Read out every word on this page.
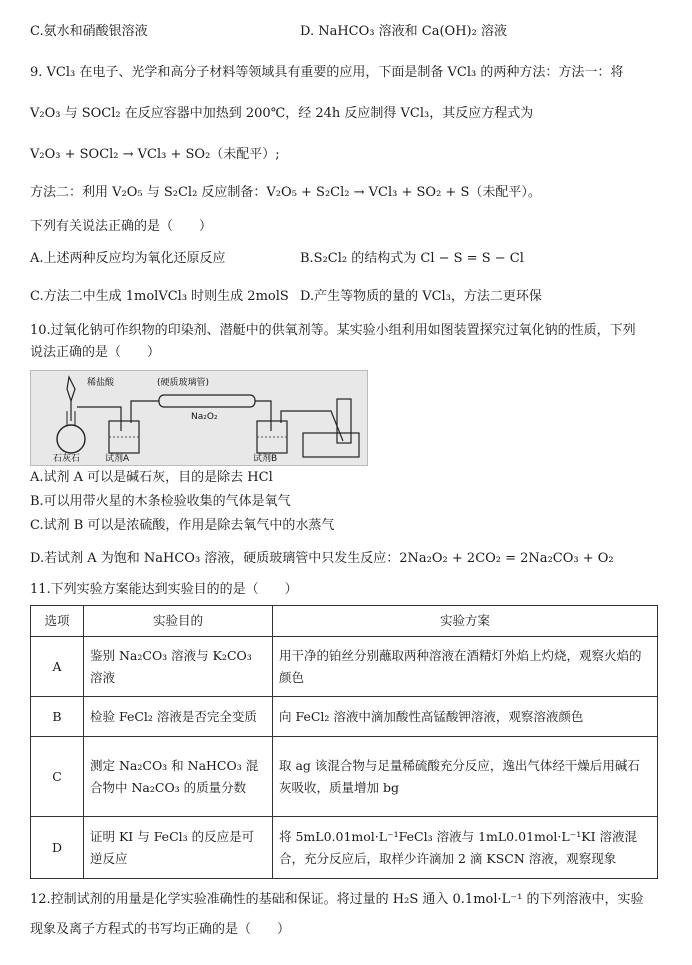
C.氨水和硝酸银溶液	D. NaHCO₃ 溶液和 Ca(OH)₂ 溶液
9. VCl₃ 在电子、光学和高分子材料等领域具有重要的应用，下面是制备 VCl₃ 的两种方法：方法一：将
V₂O₃ 与 SOCl₂ 在反应容器中加热到 200℃，经 24h 反应制得 VCl₃，其反应方程式为
V₂O₃ + SOCl₂ → VCl₃ + SO₂（未配平）;
方法二：利用 V₂O₅ 与 S₂Cl₂ 反应制备：V₂O₅ + S₂Cl₂ → VCl₃ + SO₂ + S（未配平）。
下列有关说法正确的是（　　）
A.上述两种反应均为氧化还原反应	B.S₂Cl₂ 的结构式为 Cl − S = S − Cl
C.方法二中生成 1molVCl₃ 时则生成 2molS D.产生等物质的量的 VCl₃，方法二更环保
10.过氧化钠可作织物的印染剂、潜艇中的供氧剂等。某实验小组利用如图装置探究过氧化钠的性质，下列
说法正确的是（　　）
稀盐酸
石灰石	试剂A
(硬质玻璃管)
Na₂O₂
试剂B
A.试剂 A 可以是碱石灰，目的是除去 HCl
B.可以用带火星的木条检验收集的气体是氧气
C.试剂 B 可以是浓硫酸，作用是除去氧气中的水蒸气
D.若试剂 A 为饱和 NaHCO₃ 溶液，硬质玻璃管中只发生反应：2Na₂O₂ + 2CO₂ = 2Na₂CO₃ + O₂
11.下列实验方案能达到实验目的的是（　　）
选项	实验目的	实验方案
A	鉴别 Na₂CO₃ 溶液与 K₂CO₃ 溶液	用干净的铂丝分别蘸取两种溶液在酒精灯外焰上灼烧，观察火焰的颜色
B	检验 FeCl₂ 溶液是否完全变质	向 FeCl₂ 溶液中滴加酸性高锰酸钾溶液，观察溶液颜色
C	测定 Na₂CO₃ 和 NaHCO₃ 混合物中 Na₂CO₃ 的质量分数	取 ag 该混合物与足量稀硫酸充分反应，逸出气体经干燥后用碱石灰吸收，质量增加 bg
D	证明 KI 与 FeCl₃ 的反应是可逆反应	将 5mL0.01mol·L⁻¹FeCl₃ 溶液与 1mL0.01mol·L⁻¹KI 溶液混合，充分反应后，取样少许滴加 2 滴 KSCN 溶液，观察现象
12.控制试剂的用量是化学实验准确性的基础和保证。将过量的 H₂S 通入 0.1mol·L⁻¹ 的下列溶液中，实验
现象及离子方程式的书写均正确的是（　　）
